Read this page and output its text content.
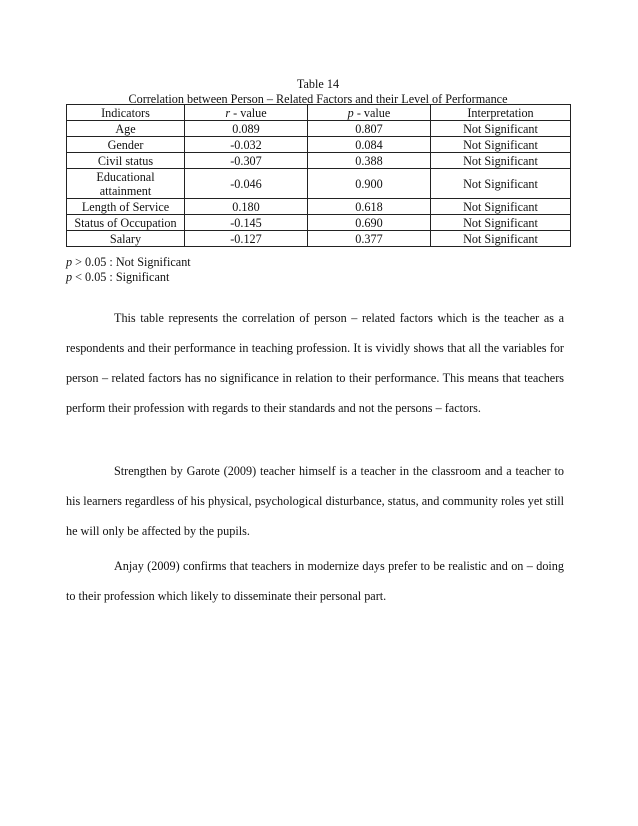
Table 14
Correlation between Person – Related Factors and their Level of Performance
Indicators	r - value	p - value	Interpretation
Age	0.089	0.807	Not Significant
Gender	-0.032	0.084	Not Significant
Civil status	-0.307	0.388	Not Significant
Educational
attainment	-0.046	0.900	Not Significant
Length of Service	0.180	0.618	Not Significant
Status of Occupation	-0.145	0.690	Not Significant
Salary	-0.127	0.377	Not Significant
p > 0.05 : Not Significant
p < 0.05 : Significant

This table represents the correlation of person – related factors which is the teacher as a respondents and their performance in teaching profession. It is vividly shows that all the variables for person – related factors has no significance in relation to their performance. This means that teachers perform their profession with regards to their standards and not the persons – factors.

Strengthen by Garote (2009) teacher himself is a teacher in the classroom and a teacher to his learners regardless of his physical, psychological disturbance, status, and community roles yet still he will only be affected by the pupils.

Anjay (2009) confirms that teachers in modernize days prefer to be realistic and on – doing to their profession which likely to disseminate their personal part.
